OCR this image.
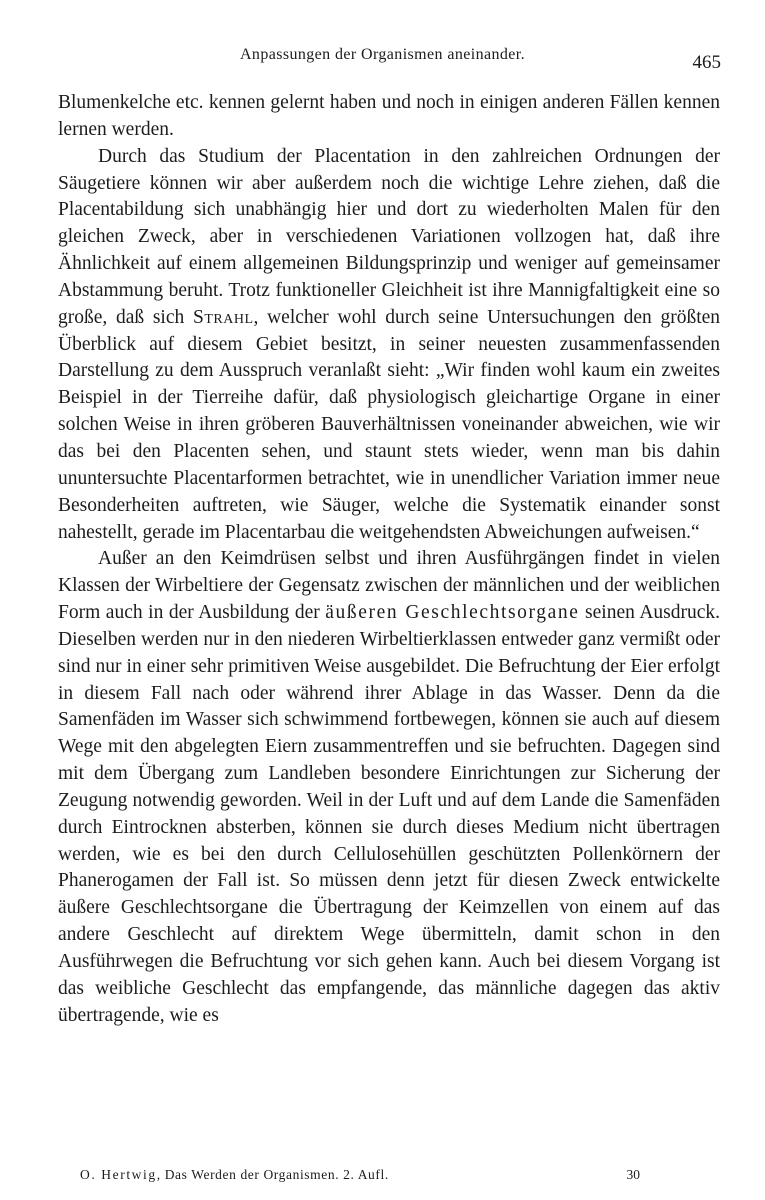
Anpassungen der Organismen aneinander.	465

Blumenkelche etc. kennen gelernt haben und noch in einigen anderen Fällen kennen lernen werden.

Durch das Studium der Placentation in den zahlreichen Ordnungen der Säugetiere können wir aber außerdem noch die wichtige Lehre ziehen, daß die Placentabildung sich unabhängig hier und dort zu wiederholten Malen für den gleichen Zweck, aber in verschiedenen Variationen vollzogen hat, daß ihre Ähnlichkeit auf einem allgemeinen Bildungsprinzip und weniger auf gemeinsamer Abstammung beruht. Trotz funktioneller Gleichheit ist ihre Mannigfaltigkeit eine so große, daß sich Strahl, welcher wohl durch seine Untersuchungen den größten Überblick auf diesem Gebiet besitzt, in seiner neuesten zusammenfassenden Darstellung zu dem Ausspruch veranlaßt sieht: „Wir finden wohl kaum ein zweites Beispiel in der Tierreihe dafür, daß physiologisch gleichartige Organe in einer solchen Weise in ihren gröberen Bauverhältnissen voneinander abweichen, wie wir das bei den Placenten sehen, und staunt stets wieder, wenn man bis dahin ununtersuchte Placentarformen betrachtet, wie in unendlicher Variation immer neue Besonderheiten auftreten, wie Säuger, welche die Systematik einander sonst nahestellt, gerade im Placentarbau die weitgehendsten Abweichungen aufweisen.“

Außer an den Keimdrüsen selbst und ihren Ausführgängen findet in vielen Klassen der Wirbeltiere der Gegensatz zwischen der männlichen und der weiblichen Form auch in der Ausbildung der äußeren Geschlechtsorgane seinen Ausdruck. Dieselben werden nur in den niederen Wirbeltierklassen entweder ganz vermißt oder sind nur in einer sehr primitiven Weise ausgebildet. Die Befruchtung der Eier erfolgt in diesem Fall nach oder während ihrer Ablage in das Wasser. Denn da die Samenfäden im Wasser sich schwimmend fortbewegen, können sie auch auf diesem Wege mit den abgelegten Eiern zusammentreffen und sie befruchten. Dagegen sind mit dem Übergang zum Landleben besondere Einrichtungen zur Sicherung der Zeugung notwendig geworden. Weil in der Luft und auf dem Lande die Samenfäden durch Eintrocknen absterben, können sie durch dieses Medium nicht übertragen werden, wie es bei den durch Cellulosehüllen geschützten Pollenkörnern der Phanerogamen der Fall ist. So müssen denn jetzt für diesen Zweck entwickelte äußere Geschlechtsorgane die Übertragung der Keimzellen von einem auf das andere Geschlecht auf direktem Wege übermitteln, damit schon in den Ausführwegen die Befruchtung vor sich gehen kann. Auch bei diesem Vorgang ist das weibliche Geschlecht das empfangende, das männliche dagegen das aktiv übertragende, wie es

O. Hertwig, Das Werden der Organismen. 2. Aufl.	30
